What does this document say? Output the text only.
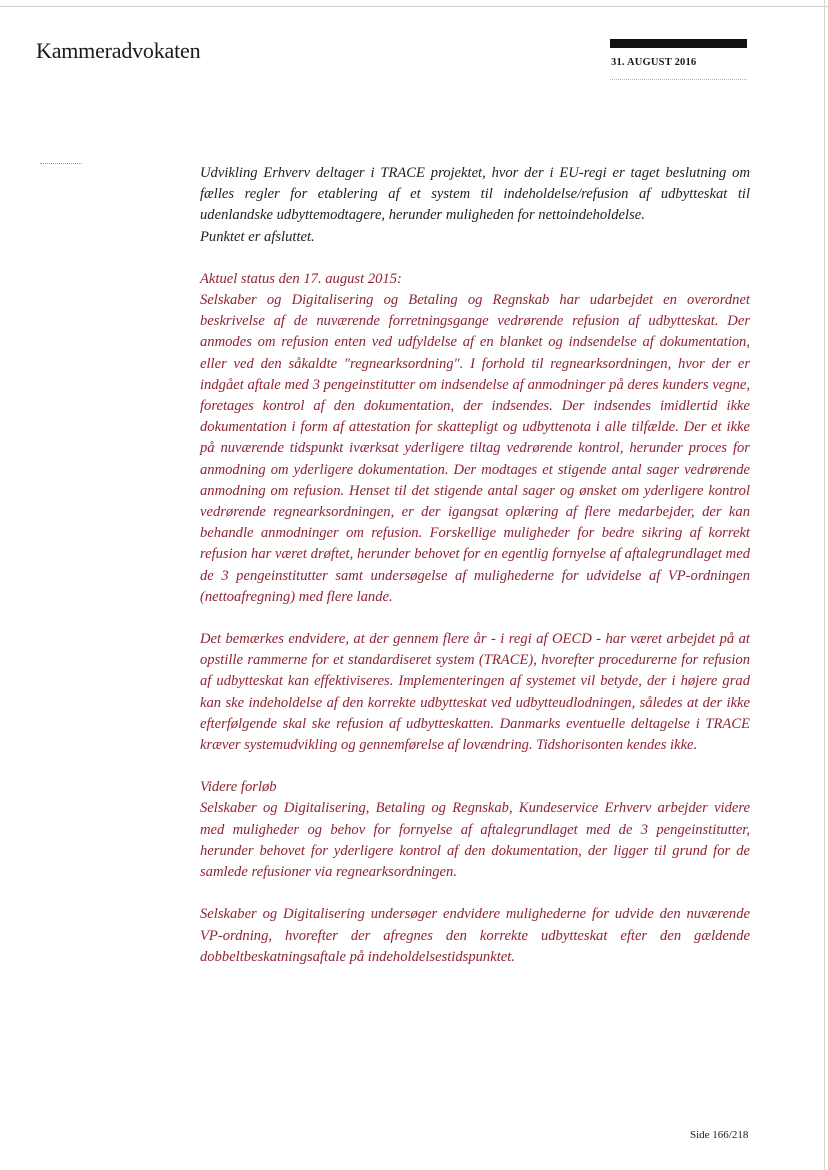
Kammeradvokaten	31. AUGUST 2016

Udvikling Erhverv deltager i TRACE projektet, hvor der i EU-regi er taget beslutning om fælles regler for etablering af et system til indeholdelse/refusion af udbytteskat til udenlandske udbyttemodtagere, herunder muligheden for nettoindeholdelse.

Punktet er afsluttet.

Aktuel status den 17. august 2015:

Selskaber og Digitalisering og Betaling og Regnskab har udarbejdet en overordnet beskrivelse af de nuværende forretningsgange vedrørende refusion af udbytteskat. Der anmodes om refusion enten ved udfyldelse af en blanket og indsendelse af dokumentation, eller ved den såkaldte "regnearksordning". I forhold til regnearksordningen, hvor der er indgået aftale med 3 pengeinstitutter om indsendelse af anmodninger på deres kunders vegne, foretages kontrol af den dokumentation, der indsendes. Der indsendes imidlertid ikke dokumentation i form af attestation for skattepligt og udbyttenota i alle tilfælde. Der et ikke på nuværende tidspunkt iværksat yderligere tiltag vedrørende kontrol, herunder proces for anmodning om yderligere dokumentation. Der modtages et stigende antal sager vedrørende anmodning om refusion. Henset til det stigende antal sager og ønsket om yderligere kontrol vedrørende regnearksordningen, er der igangsat oplæring af flere medarbejder, der kan behandle anmodninger om refusion. Forskellige muligheder for bedre sikring af korrekt refusion har været drøftet, herunder behovet for en egentlig fornyelse af aftalegrundlaget med de 3 pengeinstitutter samt undersøgelse af mulighederne for udvidelse af VP-ordningen (nettoafregning) med flere lande.

Det bemærkes endvidere, at der gennem flere år - i regi af OECD - har været arbejdet på at opstille rammerne for et standardiseret system (TRACE), hvorefter procedurerne for refusion af udbytteskat kan effektiviseres. Implementeringen af systemet vil betyde, der i højere grad kan ske indeholdelse af den korrekte udbytteskat ved udbytteudlodningen, således at der ikke efterfølgende skal ske refusion af udbytteskatten. Danmarks eventuelle deltagelse i TRACE kræver systemudvikling og gennemførelse af lovændring. Tidshorisonten kendes ikke.

Videre forløb

Selskaber og Digitalisering, Betaling og Regnskab, Kundeservice Erhverv arbejder videre med muligheder og behov for fornyelse af aftalegrundlaget med de 3 pengeinstitutter, herunder behovet for yderligere kontrol af den dokumentation, der ligger til grund for de samlede refusioner via regnearksordningen.

Selskaber og Digitalisering undersøger endvidere mulighederne for udvide den nuværende VP-ordning, hvorefter der afregnes den korrekte udbytteskat efter den gældende dobbeltbeskatningsaftale på indeholdelsestidspunktet.

Side 166/218
